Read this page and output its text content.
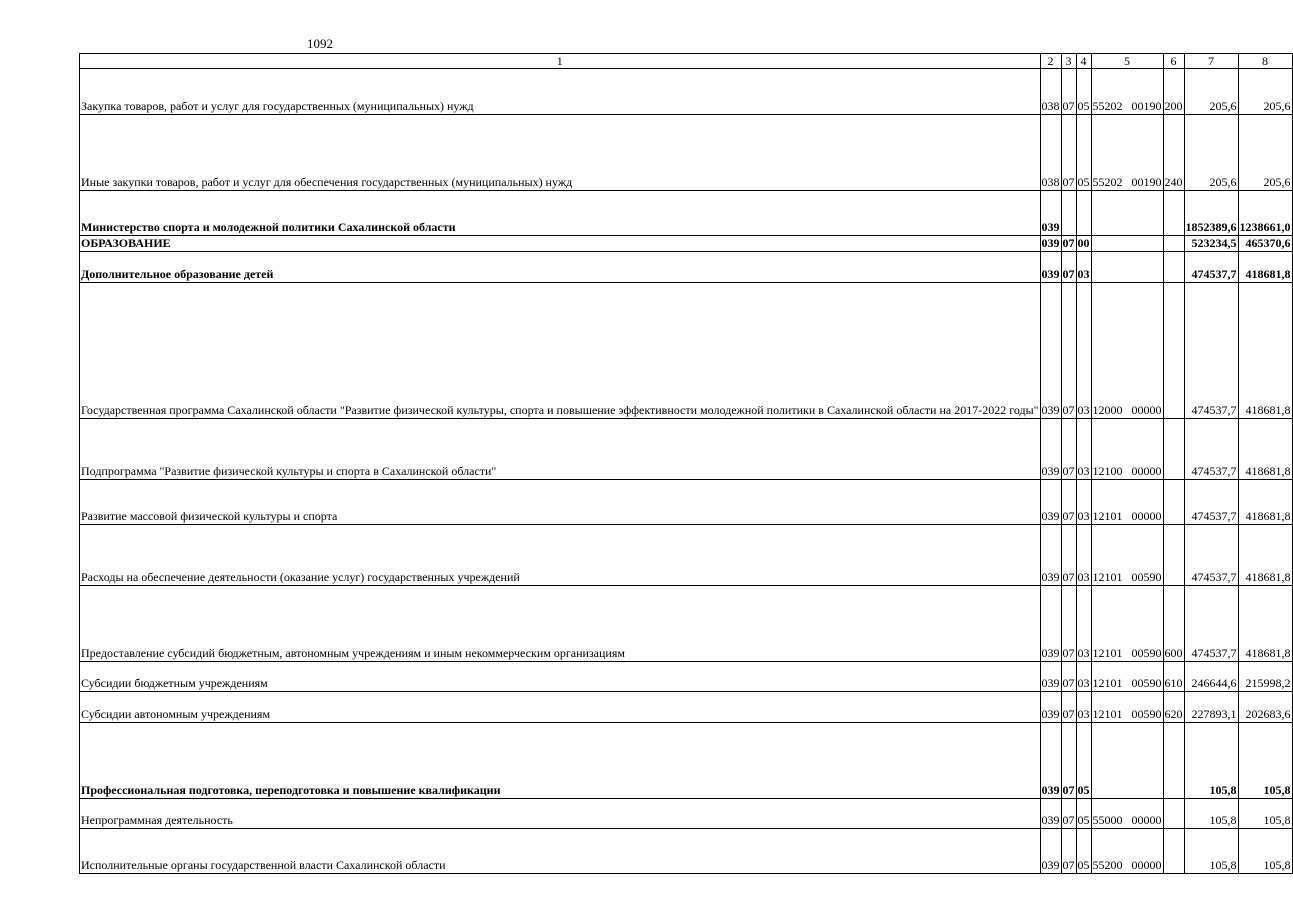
1092
1	2	3	4	5	6	7	8
Закупка товаров, работ и услуг для государственных (муниципальных) нужд	038	07	05	55202 00190	200	205,6	205,6
Иные закупки товаров, работ и услуг для обеспечения государственных (муниципальных) нужд	038	07	05	55202 00190	240	205,6	205,6
Министерство спорта и молодежной политики Сахалинской области	039					1852389,6	1238661,0
ОБРАЗОВАНИЕ	039	07	00			523234,5	465370,6
Дополнительное образование детей	039	07	03			474537,7	418681,8
Государственная программа Сахалинской области "Развитие физической культуры, спорта и повышение эффективности молодежной политики в Сахалинской области на 2017-2022 годы"	039	07	03	12000 00000		474537,7	418681,8
Подпрограмма "Развитие физической культуры и спорта в Сахалинской области"	039	07	03	12100 00000		474537,7	418681,8
Развитие массовой физической культуры и спорта	039	07	03	12101 00000		474537,7	418681,8
Расходы на обеспечение деятельности (оказание услуг) государственных учреждений	039	07	03	12101 00590		474537,7	418681,8
Предоставление субсидий бюджетным, автономным учреждениям и иным некоммерческим организациям	039	07	03	12101 00590	600	474537,7	418681,8
Субсидии бюджетным учреждениям	039	07	03	12101 00590	610	246644,6	215998,2
Субсидии автономным учреждениям	039	07	03	12101 00590	620	227893,1	202683,6
Профессиональная подготовка, переподготовка и повышение квалификации	039	07	05			105,8	105,8
Непрограммная деятельность	039	07	05	55000 00000		105,8	105,8
Исполнительные органы государственной власти Сахалинской области	039	07	05	55200 00000		105,8	105,8
